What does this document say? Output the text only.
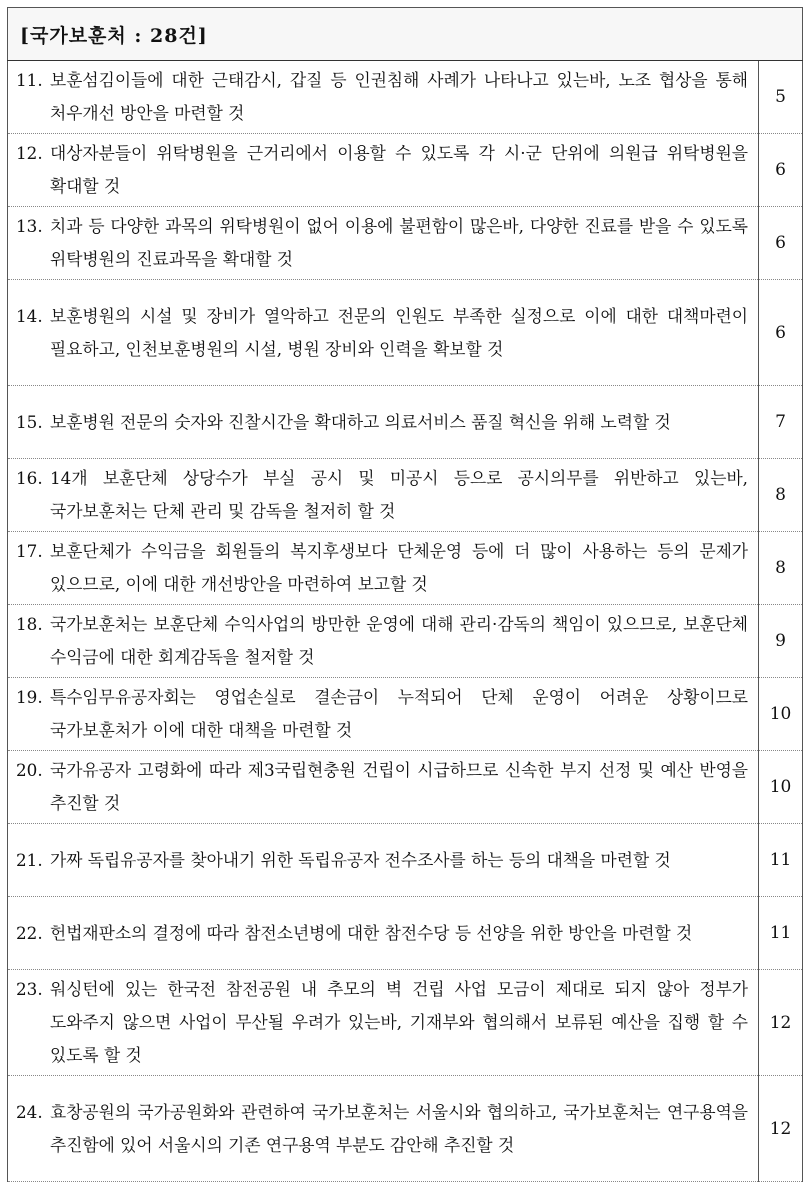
[국가보훈처 : 28건]	

11. 보훈섬김이들에 대한 근태감시, 갑질 등 인권침해 사례가 나타나고 있는바, 노조 협상을 통해 처우개선 방안을 마련할 것	5

12. 대상자분들이 위탁병원을 근거리에서 이용할 수 있도록 각 시·군 단위에 의원급 위탁병원을 확대할 것	6

13. 치과 등 다양한 과목의 위탁병원이 없어 이용에 불편함이 많은바, 다양한 진료를 받을 수 있도록 위탁병원의 진료과목을 확대할 것	6

14. 보훈병원의 시설 및 장비가 열악하고 전문의 인원도 부족한 실정으로 이에 대한 대책마련이 필요하고, 인천보훈병원의 시설, 병원 장비와 인력을 확보할 것	6

15. 보훈병원 전문의 숫자와 진찰시간을 확대하고 의료서비스 품질 혁신을 위해 노력할 것	7

16. 14개 보훈단체 상당수가 부실 공시 및 미공시 등으로 공시의무를 위반하고 있는바, 국가보훈처는 단체 관리 및 감독을 철저히 할 것	8

17. 보훈단체가 수익금을 회원들의 복지후생보다 단체운영 등에 더 많이 사용하는 등의 문제가 있으므로, 이에 대한 개선방안을 마련하여 보고할 것	8

18. 국가보훈처는 보훈단체 수익사업의 방만한 운영에 대해 관리·감독의 책임이 있으므로, 보훈단체 수익금에 대한 회계감독을 철저할 것	9

19. 특수임무유공자회는 영업손실로 결손금이 누적되어 단체 운영이 어려운 상황이므로 국가보훈처가 이에 대한 대책을 마련할 것	10

20. 국가유공자 고령화에 따라 제3국립현충원 건립이 시급하므로 신속한 부지 선정 및 예산 반영을 추진할 것	10

21. 가짜 독립유공자를 찾아내기 위한 독립유공자 전수조사를 하는 등의 대책을 마련할 것	11

22. 헌법재판소의 결정에 따라 참전소년병에 대한 참전수당 등 선양을 위한 방안을 마련할 것	11

23. 워싱턴에 있는 한국전 참전공원 내 추모의 벽 건립 사업 모금이 제대로 되지 않아 정부가 도와주지 않으면 사업이 무산될 우려가 있는바, 기재부와 협의해서 보류된 예산을 집행 할 수 있도록 할 것	12

24. 효창공원의 국가공원화와 관련하여 국가보훈처는 서울시와 협의하고, 국가보훈처는 연구용역을 추진함에 있어 서울시의 기존 연구용역 부분도 감안해 추진할 것	12
